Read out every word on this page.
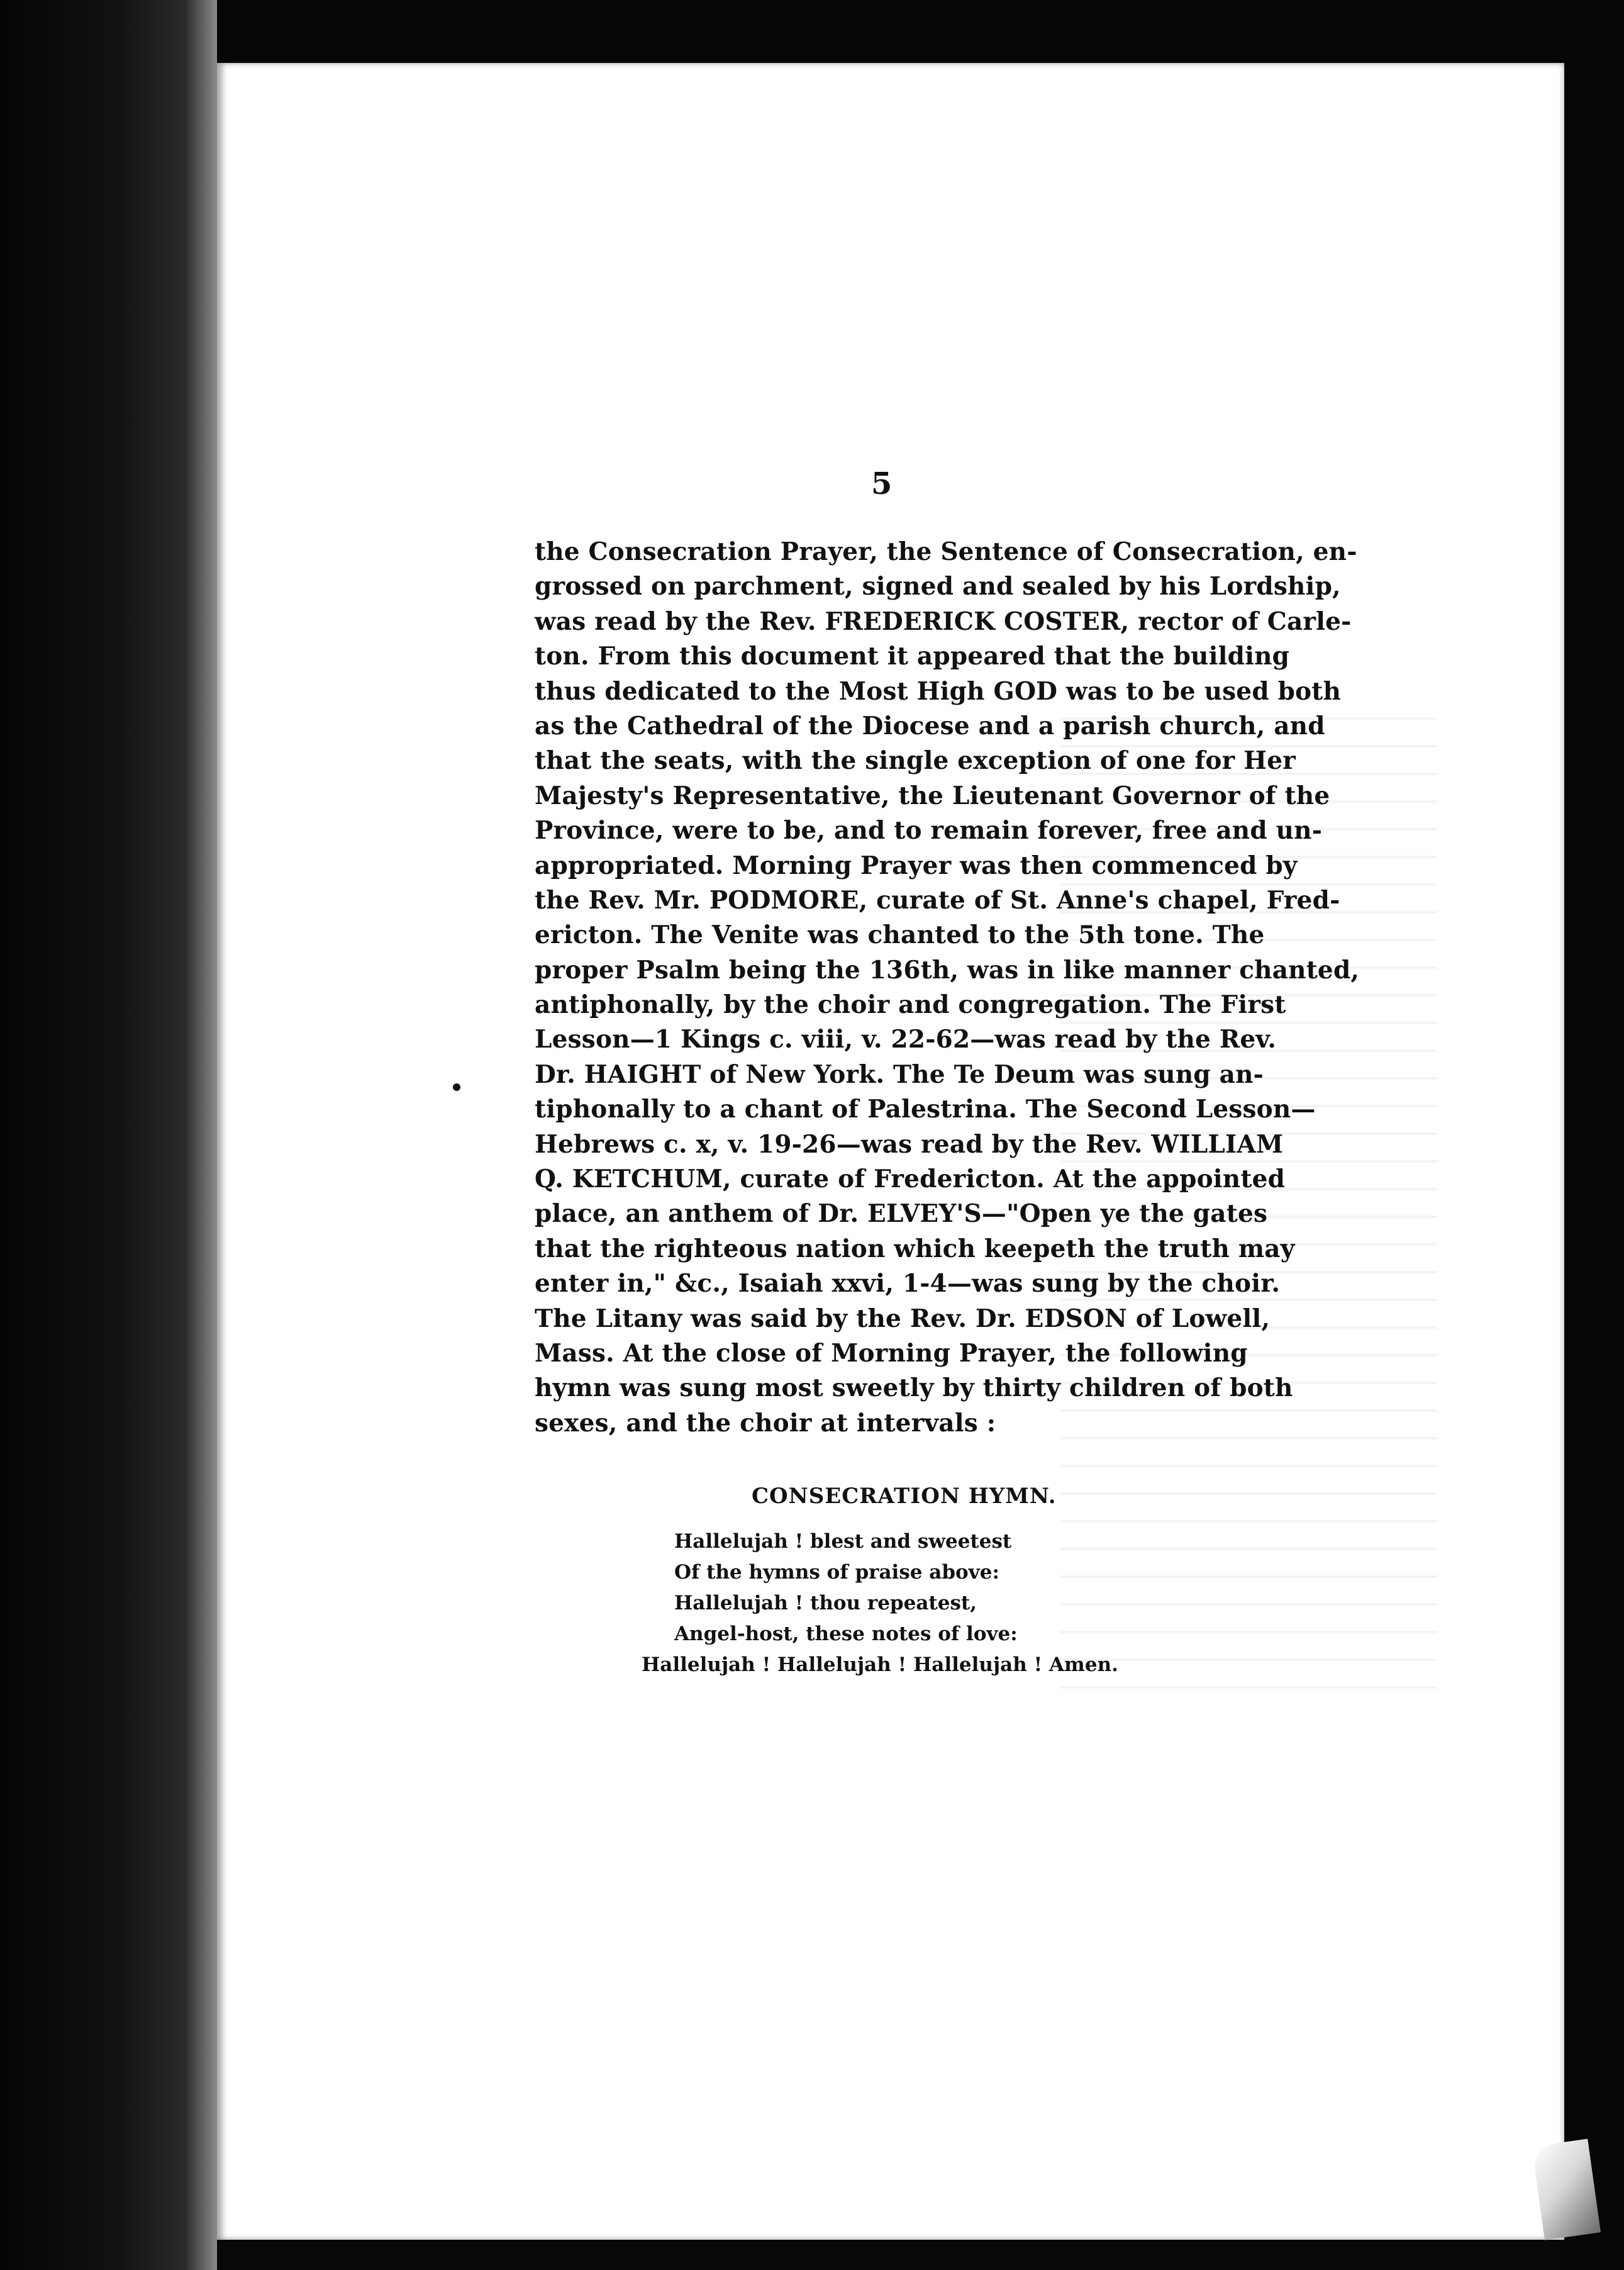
5
the Consecration Prayer, the Sentence of Consecration, en-
grossed on parchment, signed and sealed by his Lordship,
was read by the Rev. FREDERICK COSTER, rector of Carle-
ton. From this document it appeared that the building
thus dedicated to the Most High GOD was to be used both
as the Cathedral of the Diocese and a parish church, and
that the seats, with the single exception of one for Her
Majesty's Representative, the Lieutenant Governor of the
Province, were to be, and to remain forever, free and un-
appropriated. Morning Prayer was then commenced by
the Rev. Mr. PODMORE, curate of St. Anne's chapel, Fred-
ericton. The Venite was chanted to the 5th tone. The
proper Psalm being the 136th, was in like manner chanted,
antiphonally, by the choir and congregation. The First
Lesson—1 Kings c. viii, v. 22-62—was read by the Rev.
Dr. HAIGHT of New York. The Te Deum was sung an-
tiphonally to a chant of Palestrina. The Second Lesson—
Hebrews c. x, v. 19-26—was read by the Rev. WILLIAM
Q. KETCHUM, curate of Fredericton. At the appointed
place, an anthem of Dr. ELVEY'S—"Open ye the gates
that the righteous nation which keepeth the truth may
enter in," &c., Isaiah xxvi, 1-4—was sung by the choir.
The Litany was said by the Rev. Dr. EDSON of Lowell,
Mass. At the close of Morning Prayer, the following
hymn was sung most sweetly by thirty children of both
sexes, and the choir at intervals :
CONSECRATION HYMN.
Hallelujah ! blest and sweetest
Of the hymns of praise above:
Hallelujah ! thou repeatest,
Angel-host, these notes of love:
Hallelujah ! Hallelujah ! Hallelujah ! Amen.
